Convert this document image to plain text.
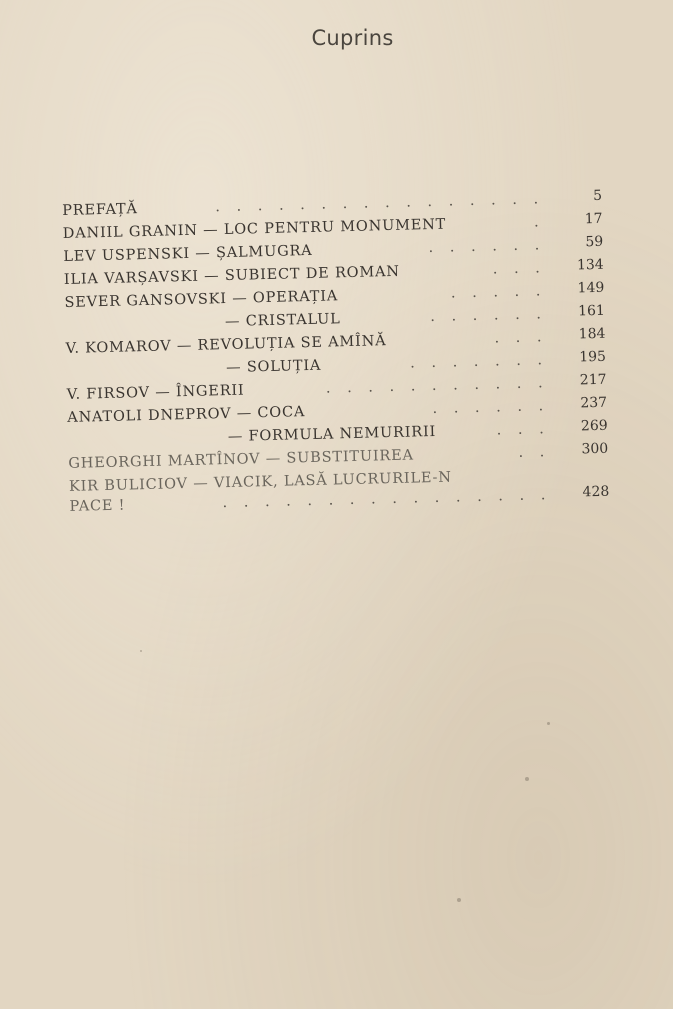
Cuprins
PREFAȚĂ	. . . . . . . . . . . . . . . .	5
DANIIL GRANIN — LOC PENTRU MONUMENT	.	17
LEV USPENSKI — ȘALMUGRA	. . . . . .	59
ILIA VARȘAVSKI — SUBIECT DE ROMAN	. . .	134
SEVER GANSOVSKI — OPERAȚIA	. . . . .	149
— CRISTALUL	. . . . . .	161
V. KOMAROV — REVOLUȚIA SE AMÎNĂ	. . .	184
— SOLUȚIA	. . . . . . .	195
V. FIRSOV — ÎNGERII	. . . . . . . . . . .	217
ANATOLI DNEPROV — COCA	. . . . . .	237
— FORMULA NEMURIRII	. . .	269
GHEORGHI MARTÎNOV — SUBSTITUIREA	. .	300
KIR BULICIOV — VIACIK, LASĂ LUCRURILE-N
PACE !	. . . . . . . . . . . . . . . .	428
